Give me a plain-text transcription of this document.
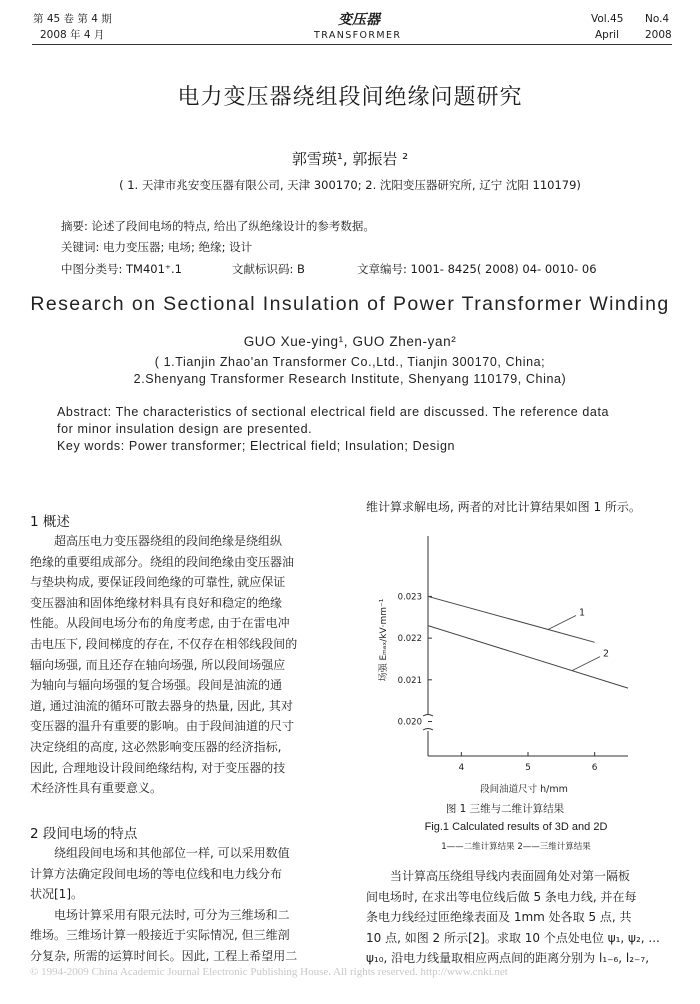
第 45 卷 第 4 期
2008 年 4 月
变压器
TRANSFORMER
Vol.45 No.4
April 2008
电力变压器绕组段间绝缘问题研究
郭雪瑛¹, 郭振岩 ²
( 1. 天津市兆安变压器有限公司, 天津 300170; 2. 沈阳变压器研究所, 辽宁 沈阳 110179)
摘要: 论述了段间电场的特点, 给出了纵绝缘设计的参考数据。
关键词: 电力变压器; 电场; 绝缘; 设计
中图分类号: TM401⁺.1	文献标识码: B	文章编号: 1001- 8425( 2008) 04- 0010- 06
Research on Sectional Insulation of Power Transformer Winding
GUO Xue-ying¹, GUO Zhen-yan²
( 1.Tianjin Zhao'an Transformer Co.,Ltd., Tianjin 300170, China;
2.Shenyang Transformer Research Institute, Shenyang 110179, China)
Abstract: The characteristics of sectional electrical field are discussed. The reference data
for minor insulation design are presented.
Key words: Power transformer; Electrical field; Insulation; Design
1 概述
超高压电力变压器绕组的段间绝缘是绕组纵
绝缘的重要组成部分。绕组的段间绝缘由变压器油
与垫块构成, 要保证段间绝缘的可靠性, 就应保证
变压器油和固体绝缘材料具有良好和稳定的绝缘
性能。从段间电场分布的角度考虑, 由于在雷电冲
击电压下, 段间梯度的存在, 不仅存在相邻线段间的
辐向场强, 而且还存在轴向场强, 所以段间场强应
为轴向与辐向场强的复合场强。段间是油流的通
道, 通过油流的循环可散去器身的热量, 因此, 其对
变压器的温升有重要的影响。由于段间油道的尺寸
决定绕组的高度, 这必然影响变压器的经济指标,
因此, 合理地设计段间绝缘结构, 对于变压器的技
术经济性具有重要意义。
2 段间电场的特点
绕组段间电场和其他部位一样, 可以采用数值
计算方法确定段间电场的等电位线和电力线分布
状况[1]。
电场计算采用有限元法时, 可分为三维场和二
维场。三维场计算一般接近于实际情况, 但三维剖
分复杂, 所需的运算时间长。因此, 工程上希望用二
维计算求解电场, 两者的对比计算结果如图 1 所示。
0.020
0.021
0.022
0.023
4	5	6
1
2
段间油道尺寸 h/mm
场强 Eₘₐₓ/kV·mm⁻¹
图 1 三维与二维计算结果
Fig.1 Calculated results of 3D and 2D
1——二维计算结果 2——三维计算结果
当计算高压绕组导线内表面圆角处对第一隔板
间电场时, 在求出等电位线后做 5 条电力线, 并在每
条电力线经过匝绝缘表面及 1mm 处各取 5 点, 共
10 点, 如图 2 所示[2]。求取 10 个点处电位 ψ₁, ψ₂, ...
ψ₁₀, 沿电力线量取相应两点间的距离分别为 l₁₋₆, l₂₋₇,
© 1994-2009 China Academic Journal Electronic Publishing House. All rights reserved. http://www.cnki.net
